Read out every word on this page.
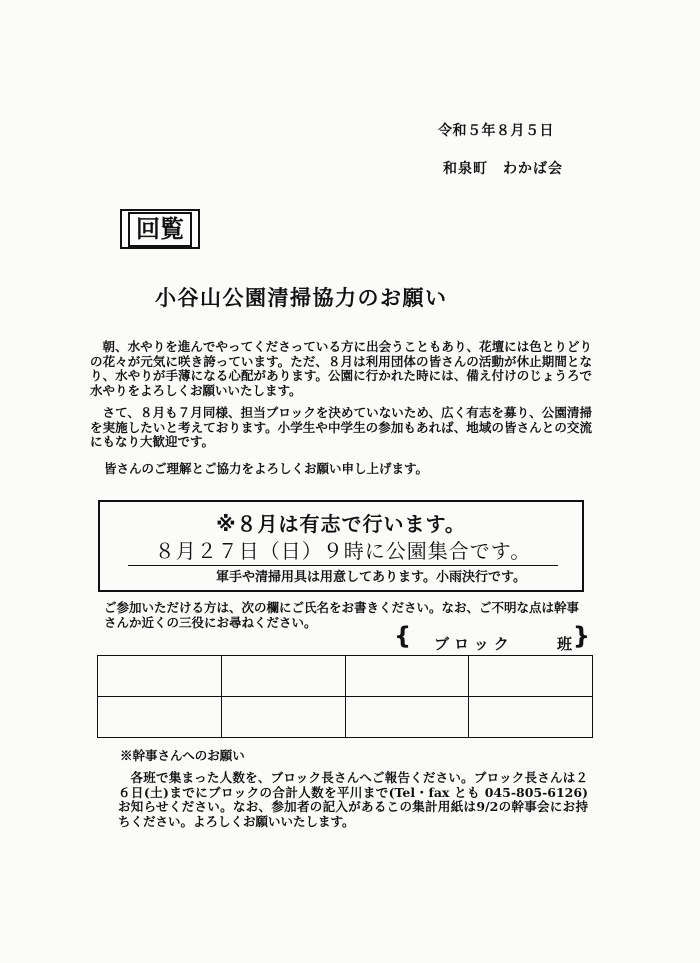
令和５年８月５日
和泉町　わかば会
回覧
小谷山公園清掃協力のお願い
朝、水やりを進んでやってくださっている方に出会うこともあり、花壇には色とりどりの花々が元気に咲き誇っています。ただ、８月は利用団体の皆さんの活動が休止期間となり、水やりが手薄になる心配があります。公園に行かれた時には、備え付けのじょうろで水やりをよろしくお願いいたします。
さて、８月も７月同様、担当ブロックを決めていないため、広く有志を募り、公園清掃を実施したいと考えております。小学生や中学生の参加もあれば、地域の皆さんとの交流にもなり大歓迎です。
皆さんのご理解とご協力をよろしくお願い申し上げます。
※８月は有志で行います。
８月２７日（日）９時に公園集合です。
軍手や清掃用具は用意してあります。小雨決行です。
ご参加いただける方は、次の欄にご氏名をお書きください。なお、ご不明な点は幹事さんか近くの三役にお尋ねください。	{ ブロック	班 }

※幹事さんへのお願い
各班で集まった人数を、ブロック長さんへご報告ください。ブロック長さんは２６日(土)までにブロックの合計人数を平川まで(Tel・fax とも 045-805-6126)お知らせください。なお、参加者の記入があるこの集計用紙は9/2の幹事会にお持ちください。よろしくお願いいたします。
